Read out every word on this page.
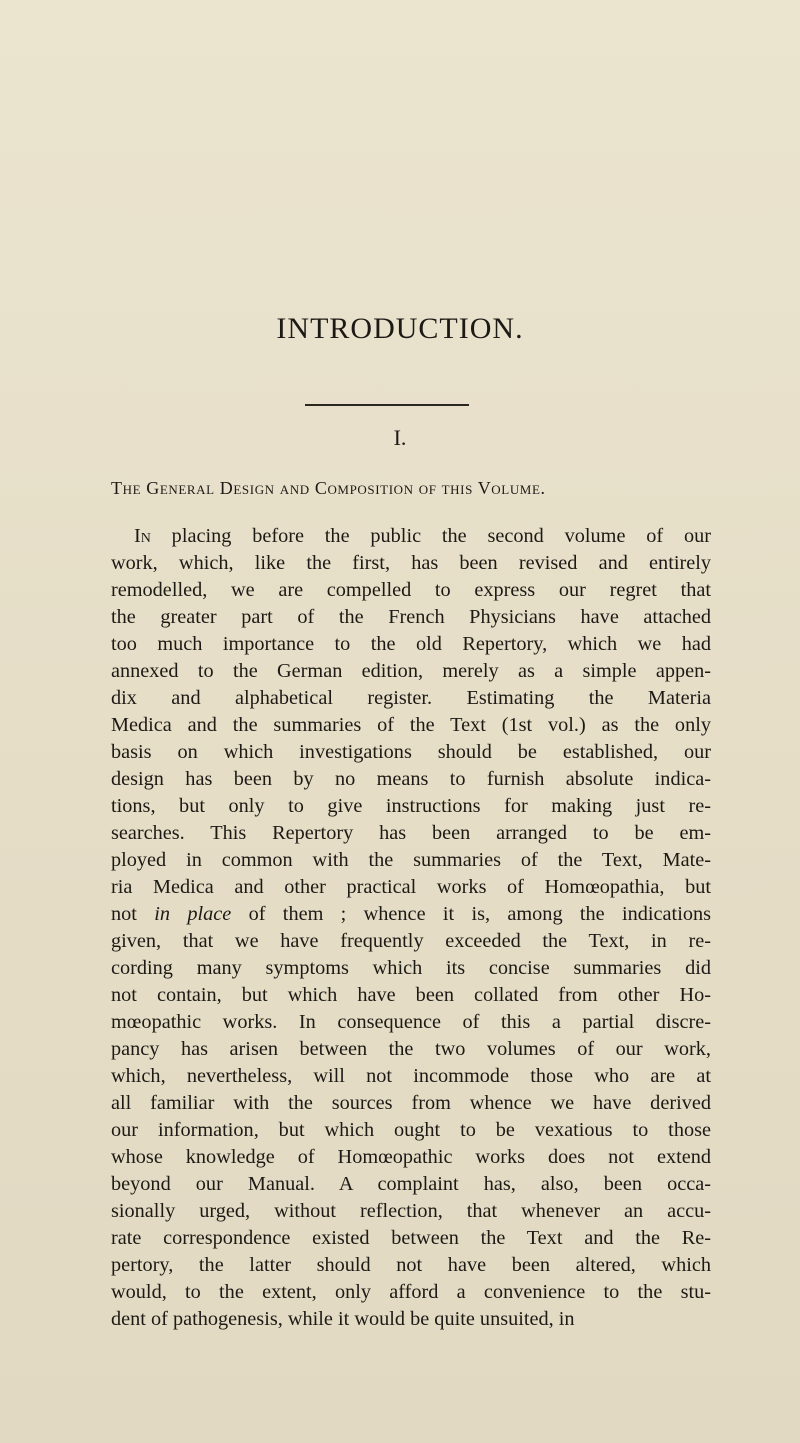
INTRODUCTION.
I.
The General Design and Composition of this Volume.
In placing before the public the second volume of our
work, which, like the first, has been revised and entirely
remodelled, we are compelled to express our regret that
the greater part of the French Physicians have attached
too much importance to the old Repertory, which we had
annexed to the German edition, merely as a simple appen-
dix and alphabetical register. Estimating the Materia
Medica and the summaries of the Text (1st vol.) as the only
basis on which investigations should be established, our
design has been by no means to furnish absolute indica-
tions, but only to give instructions for making just re-
searches. This Repertory has been arranged to be em-
ployed in common with the summaries of the Text, Mate-
ria Medica and other practical works of Homœopathia, but
not in place of them ; whence it is, among the indications
given, that we have frequently exceeded the Text, in re-
cording many symptoms which its concise summaries did
not contain, but which have been collated from other Ho-
mœopathic works. In consequence of this a partial discre-
pancy has arisen between the two volumes of our work,
which, nevertheless, will not incommode those who are at
all familiar with the sources from whence we have derived
our information, but which ought to be vexatious to those
whose knowledge of Homœopathic works does not extend
beyond our Manual. A complaint has, also, been occa-
sionally urged, without reflection, that whenever an accu-
rate correspondence existed between the Text and the Re-
pertory, the latter should not have been altered, which
would, to the extent, only afford a convenience to the stu-
dent of pathogenesis, while it would be quite unsuited, in
